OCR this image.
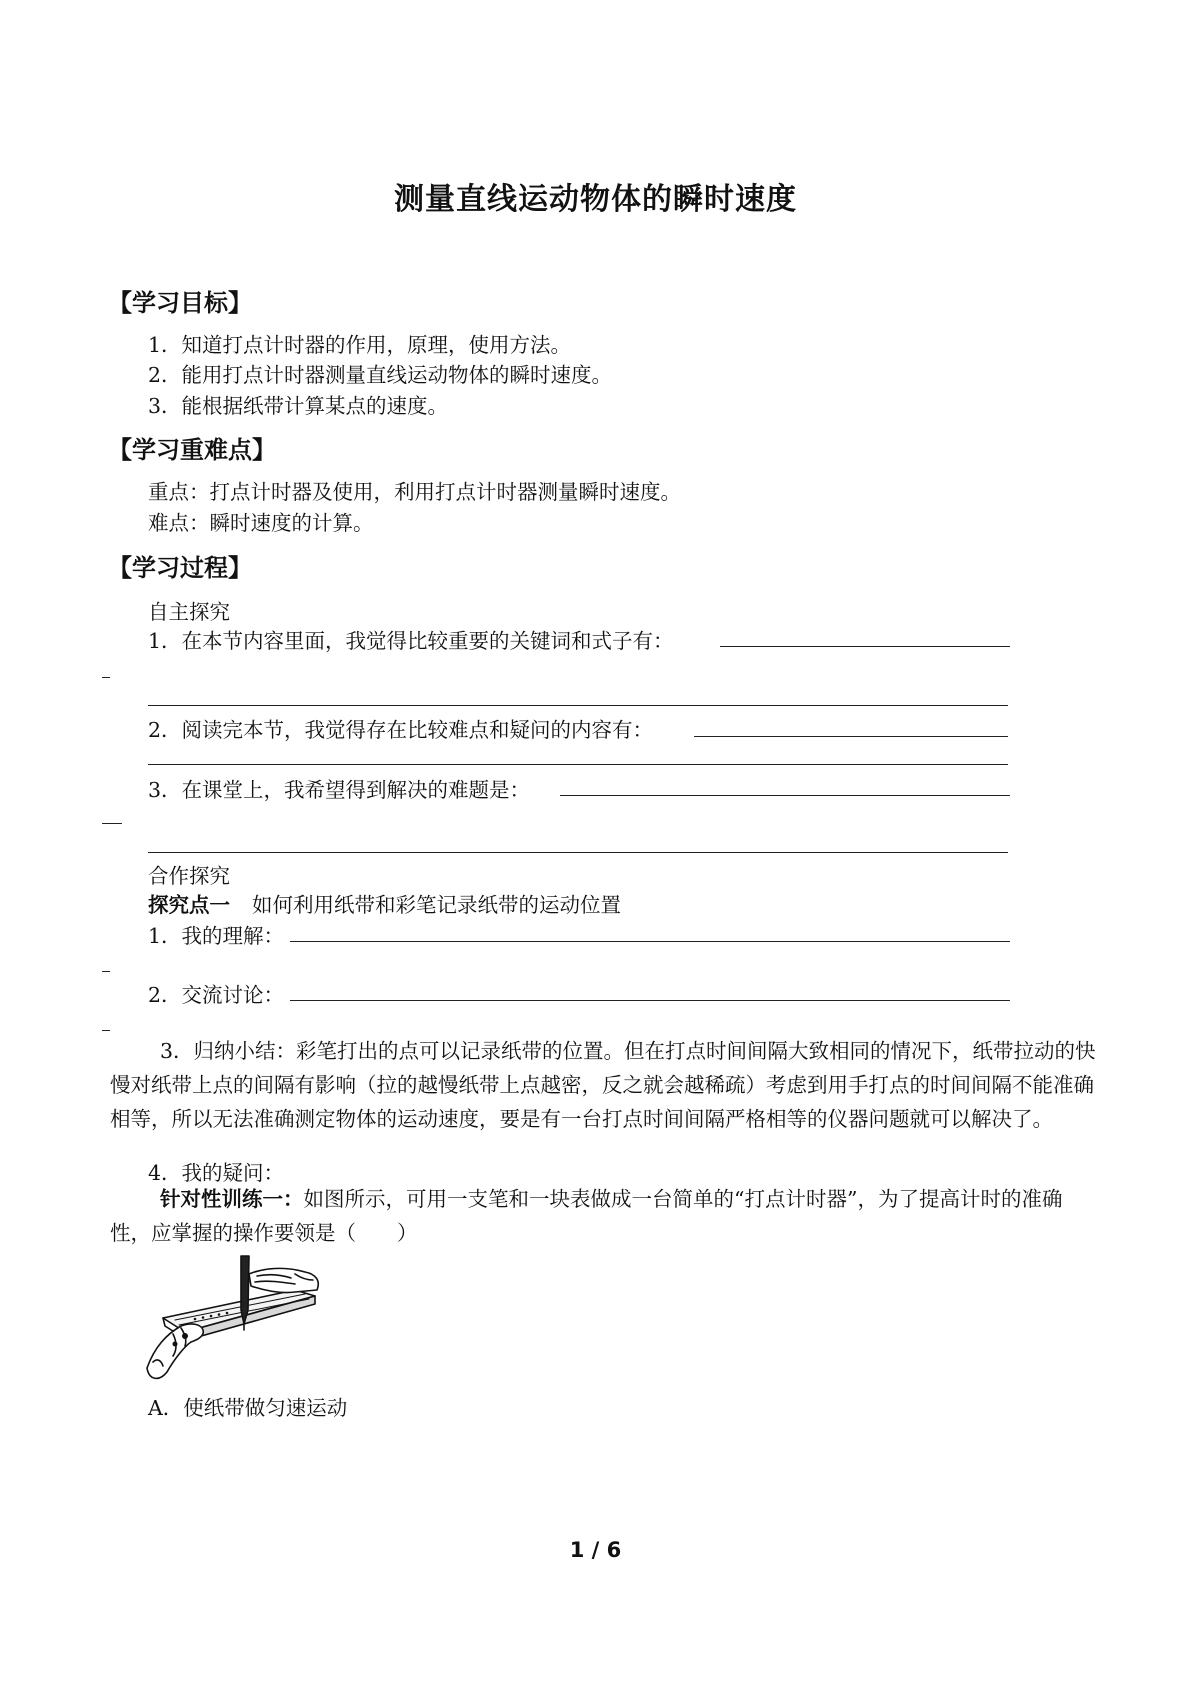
测量直线运动物体的瞬时速度
【学习目标】
1．知道打点计时器的作用，原理，使用方法。
2．能用打点计时器测量直线运动物体的瞬时速度。
3．能根据纸带计算某点的速度。
【学习重难点】
重点：打点计时器及使用，利用打点计时器测量瞬时速度。
难点：瞬时速度的计算。
【学习过程】
自主探究
1．在本节内容里面，我觉得比较重要的关键词和式子有：
2．阅读完本节，我觉得存在比较难点和疑问的内容有：
3．在课堂上，我希望得到解决的难题是：
合作探究
探究点一 如何利用纸带和彩笔记录纸带的运动位置
1．我的理解：
2．交流讨论：
3．归纳小结：彩笔打出的点可以记录纸带的位置。但在打点时间间隔大致相同的情况下，纸带拉动的快慢对纸带上点的间隔有影响（拉的越慢纸带上点越密，反之就会越稀疏）考虑到用手打点的时间间隔不能准确相等，所以无法准确测定物体的运动速度，要是有一台打点时间间隔严格相等的仪器问题就可以解决了。
4．我的疑问：
针对性训练一：如图所示，可用一支笔和一块表做成一台简单的“打点计时器”，为了提高计时的准确性，应掌握的操作要领是（　　）
A．使纸带做匀速运动
1 / 6
